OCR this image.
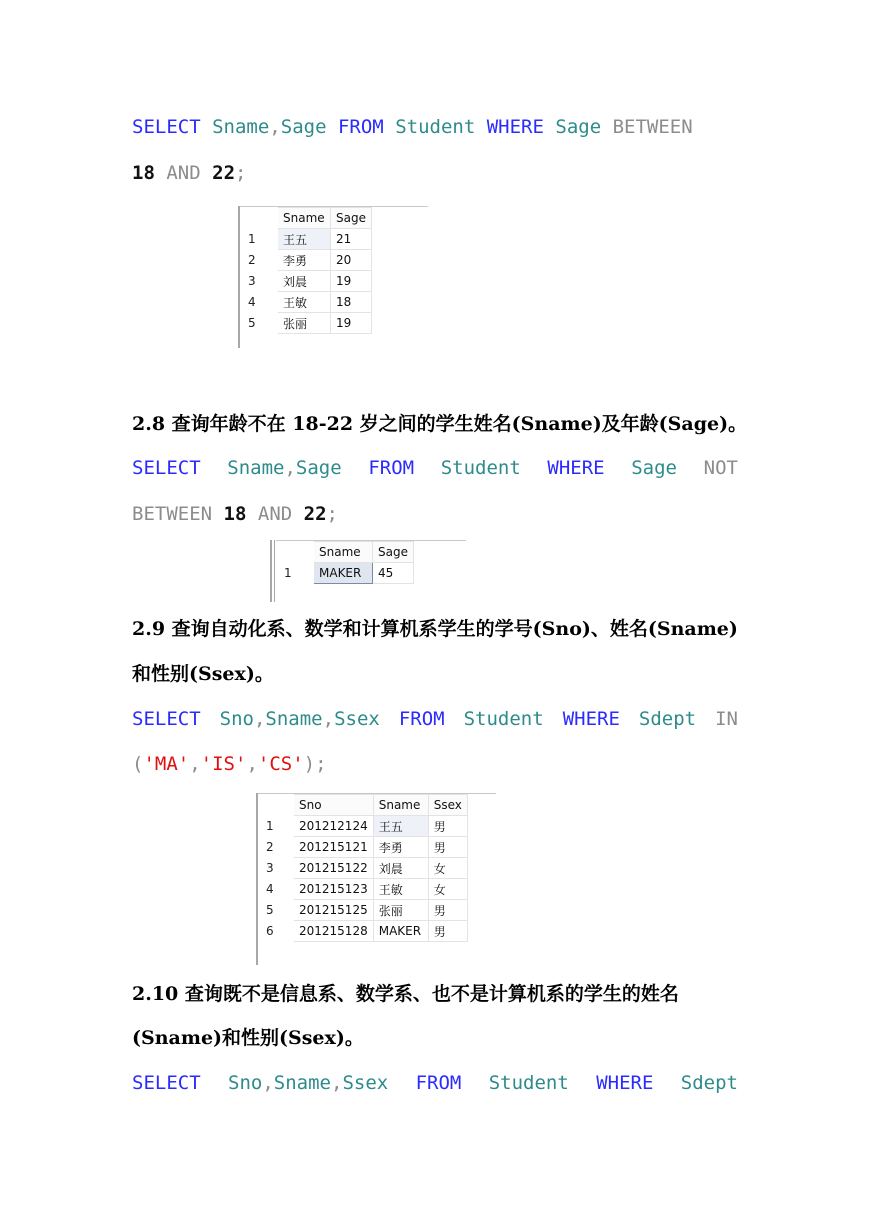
SELECT Sname,Sage FROM Student WHERE Sage BETWEEN
18 AND 22;
	Sname	Sage
1	王五	21
2	李勇	20
3	刘晨	19
4	王敏	18
5	张丽	19
2.8 查询年龄不在 18-22 岁之间的学生姓名(Sname)及年龄(Sage)。
SELECT Sname,Sage FROM Student WHERE Sage NOT
BETWEEN 18 AND 22;
	Sname	Sage
1	MAKER	45
2.9 查询自动化系、数学和计算机系学生的学号(Sno)、姓名(Sname)
和性别(Ssex)。
SELECT Sno,Sname,Ssex FROM Student WHERE Sdept IN
('MA','IS','CS');
	Sno	Sname	Ssex
1	201212124	王五	男
2	201215121	李勇	男
3	201215122	刘晨	女
4	201215123	王敏	女
5	201215125	张丽	男
6	201215128	MAKER	男
2.10 查询既不是信息系、数学系、也不是计算机系的学生的姓名
(Sname)和性别(Ssex)。
SELECT Sno,Sname,Ssex FROM Student WHERE Sdept
